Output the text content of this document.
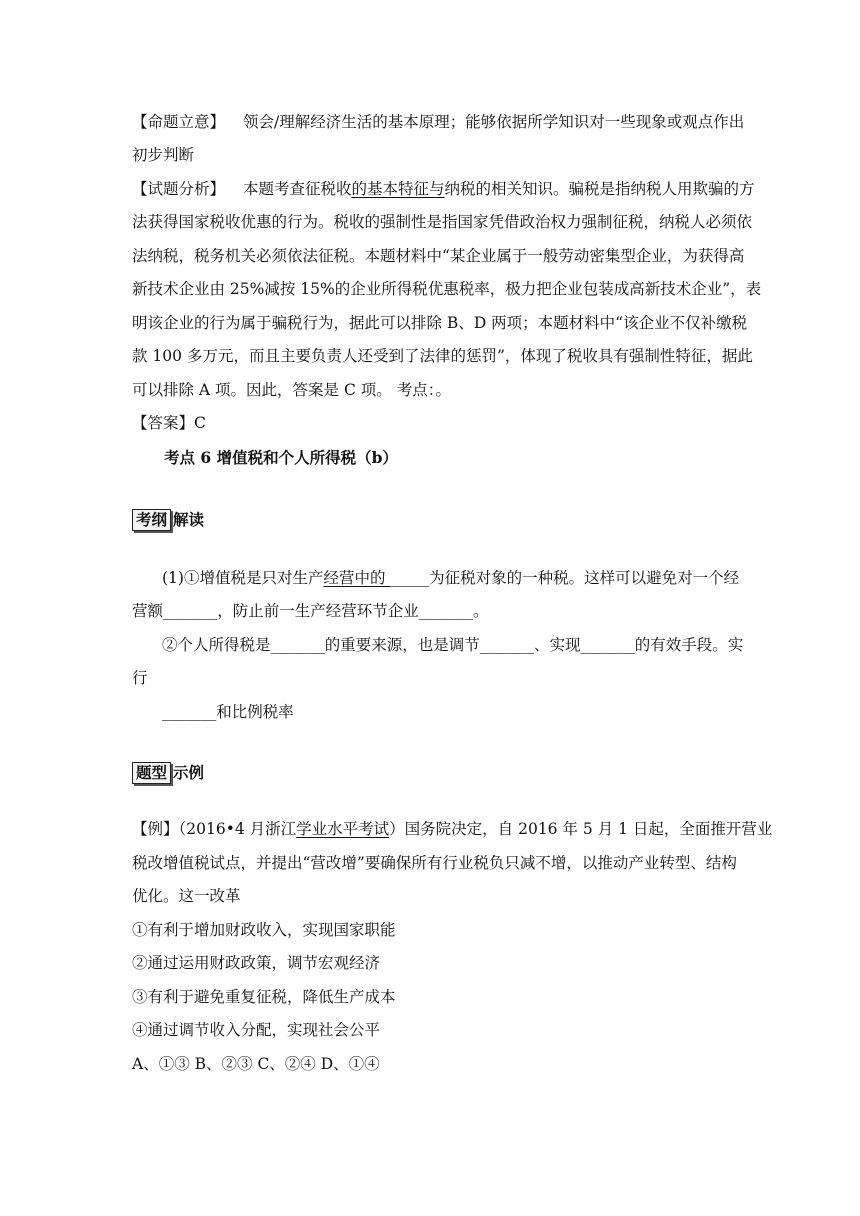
【命题立意】 领会/理解经济生活的基本原理；能够依据所学知识对一些现象或观点作出
初步判断
【试题分析】 本题考查征税收的基本特征与纳税的相关知识。骗税是指纳税人用欺骗的方
法获得国家税收优惠的行为。税收的强制性是指国家凭借政治权力强制征税，纳税人必须依
法纳税，税务机关必须依法征税。本题材料中“某企业属于一般劳动密集型企业，为获得高
新技术企业由 25%减按 15%的企业所得税优惠税率，极力把企业包装成高新技术企业”，表
明该企业的行为属于骗税行为，据此可以排除 B、D 两项；本题材料中“该企业不仅补缴税
款 100 多万元，而且主要负责人还受到了法律的惩罚”，体现了税收具有强制性特征，据此
可以排除 A 项。因此，答案是 C 项。 考点：。
【答案】C
考点 6 增值税和个人所得税（b）
考纲 解读
(1)①增值税是只对生产经营中的 _____为征税对象的一种税。这样可以避免对一个经
营额_______，防止前一生产经营环节企业_______。
②个人所得税是_______的重要来源，也是调节_______、实现_______的有效手段。实
行
_______和比例税率
题型 示例
【例】（2016•4 月浙江学业水平考试）国务院决定，自 2016 年 5 月 1 日起，全面推开营业
税改增值税试点，并提出“营改增”要确保所有行业税负只减不增，以推动产业转型、结构
优化。这一改革
①有利于增加财政收入，实现国家职能
②通过运用财政政策，调节宏观经济
③有利于避免重复征税，降低生产成本
④通过调节收入分配，实现社会公平
A、①③ B、②③ C、②④ D、①④
